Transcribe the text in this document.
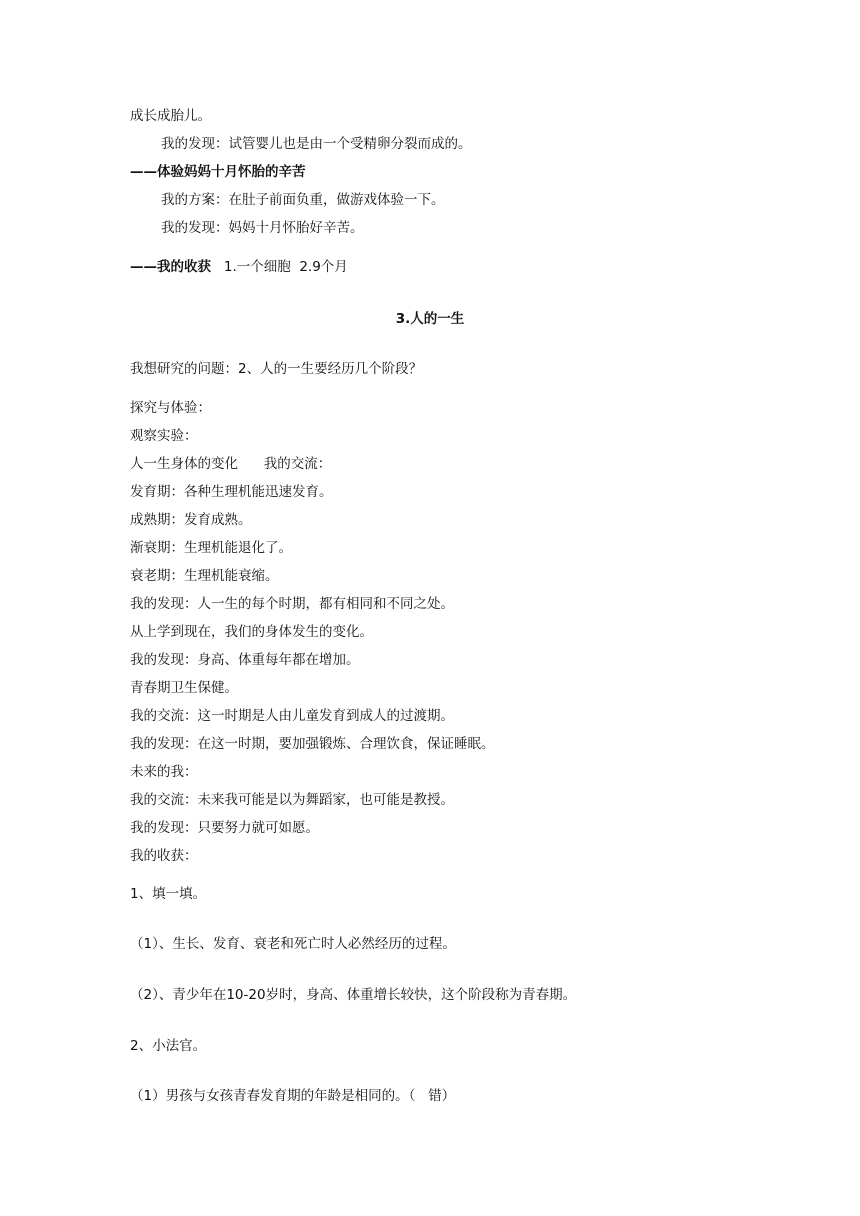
成长成胎儿。
我的发现：试管婴儿也是由一个受精卵分裂而成的。
——体验妈妈十月怀胎的辛苦
我的方案：在肚子前面负重，做游戏体验一下。
我的发现：妈妈十月怀胎好辛苦。
——我的收获   1.一个细胞  2.9个月
3.人的一生
我想研究的问题：2、人的一生要经历几个阶段？
探究与体验：
观察实验：
人一生身体的变化      我的交流：
发育期：各种生理机能迅速发育。
成熟期：发育成熟。
渐衰期：生理机能退化了。
衰老期：生理机能衰缩。
我的发现：人一生的每个时期，都有相同和不同之处。
从上学到现在，我们的身体发生的变化。
我的发现：身高、体重每年都在增加。
青春期卫生保健。
我的交流：这一时期是人由儿童发育到成人的过渡期。
我的发现：在这一时期，要加强锻炼、合理饮食，保证睡眠。
未来的我：
我的交流：未来我可能是以为舞蹈家，也可能是教授。
我的发现：只要努力就可如愿。
我的收获：
1、填一填。
（1）、生长、发育、衰老和死亡时人必然经历的过程。
（2）、青少年在10-20岁时，身高、体重增长较快，这个阶段称为青春期。
2、小法官。
（1）男孩与女孩青春发育期的年龄是相同的。（   错）
